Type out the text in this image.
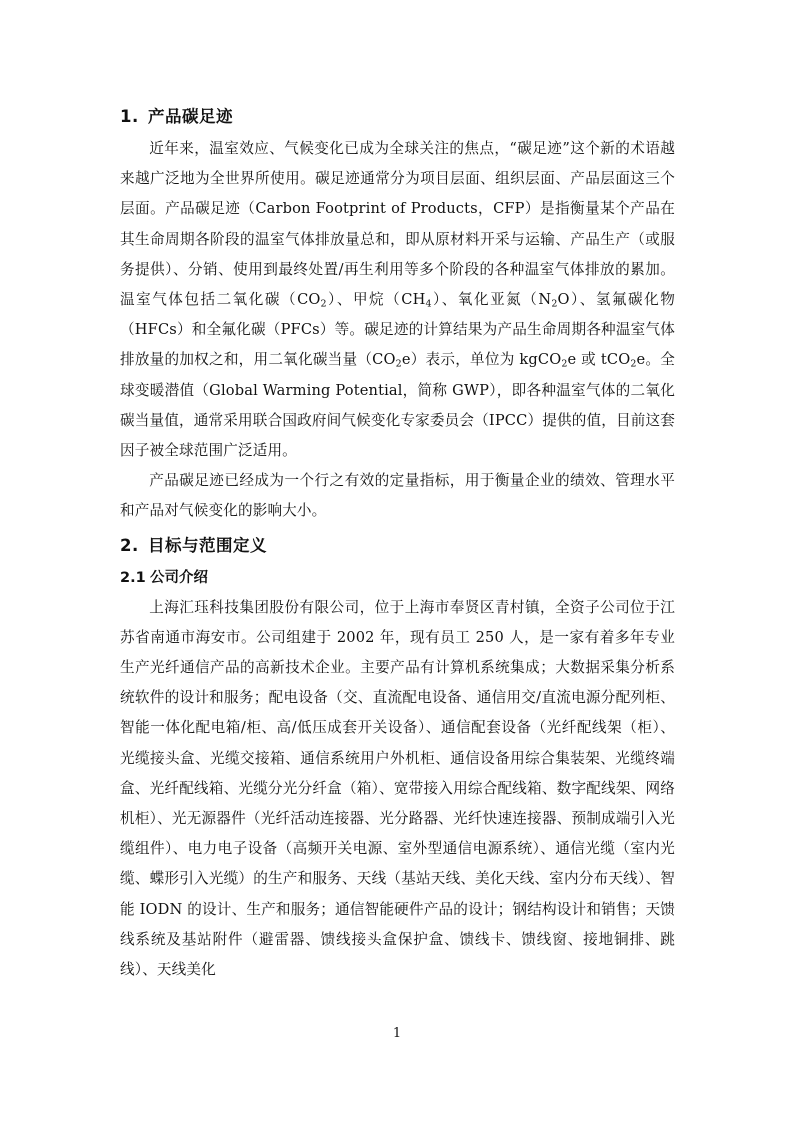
1. 产品碳足迹

近年来，温室效应、气候变化已成为全球关注的焦点，“碳足迹”这个新的术语越来越广泛地为全世界所使用。碳足迹通常分为项目层面、组织层面、产品层面这三个层面。产品碳足迹（Carbon Footprint of Products，CFP）是指衡量某个产品在其生命周期各阶段的温室气体排放量总和，即从原材料开采与运输、产品生产（或服务提供）、分销、使用到最终处置/再生利用等多个阶段的各种温室气体排放的累加。温室气体包括二氧化碳$(CO_2)$、甲烷$(CH_4)$、氧化亚氮$(N_2O)$、氢氟碳化物（HFCs）和全氟化碳（PFCs）等。碳足迹的计算结果为产品生命周期各种温室气体排放量的加权之和，用二氧化碳当量$(CO_2e)$表示，单位为 kgCO$_2$e 或 tCO$_2$e。全球变暖潜值（Global Warming Potential，简称 GWP），即各种温室气体的二氧化碳当量值，通常采用联合国政府间气候变化专家委员会（IPCC）提供的值，目前这套因子被全球范围广泛适用。

产品碳足迹已经成为一个行之有效的定量指标，用于衡量企业的绩效、管理水平和产品对气候变化的影响大小。

2. 目标与范围定义
2.1 公司介绍

上海汇珏科技集团股份有限公司，位于上海市奉贤区青村镇，全资子公司位于江苏省南通市海安市。公司组建于 2002 年，现有员工 250 人，是一家有着多年专业生产光纤通信产品的高新技术企业。主要产品有计算机系统集成；大数据采集分析系统软件的设计和服务；配电设备（交、直流配电设备、通信用交/直流电源分配列柜、智能一体化配电箱/柜、高/低压成套开关设备）、通信配套设备（光纤配线架（柜）、光缆接头盒、光缆交接箱、通信系统用户外机柜、通信设备用综合集装架、光缆终端盒、光纤配线箱、光缆分光分纤盒（箱）、宽带接入用综合配线箱、数字配线架、网络机柜）、光无源器件（光纤活动连接器、光分路器、光纤快速连接器、预制成端引入光缆组件）、电力电子设备（高频开关电源、室外型通信电源系统）、通信光缆（室内光缆、蝶形引入光缆）的生产和服务、天线（基站天线、美化天线、室内分布天线）、智能 IODN 的设计、生产和服务；通信智能硬件产品的设计；钢结构设计和销售；天馈线系统及基站附件（避雷器、馈线接头盒保护盒、馈线卡、馈线窗、接地铜排、跳线）、天线美化

1
